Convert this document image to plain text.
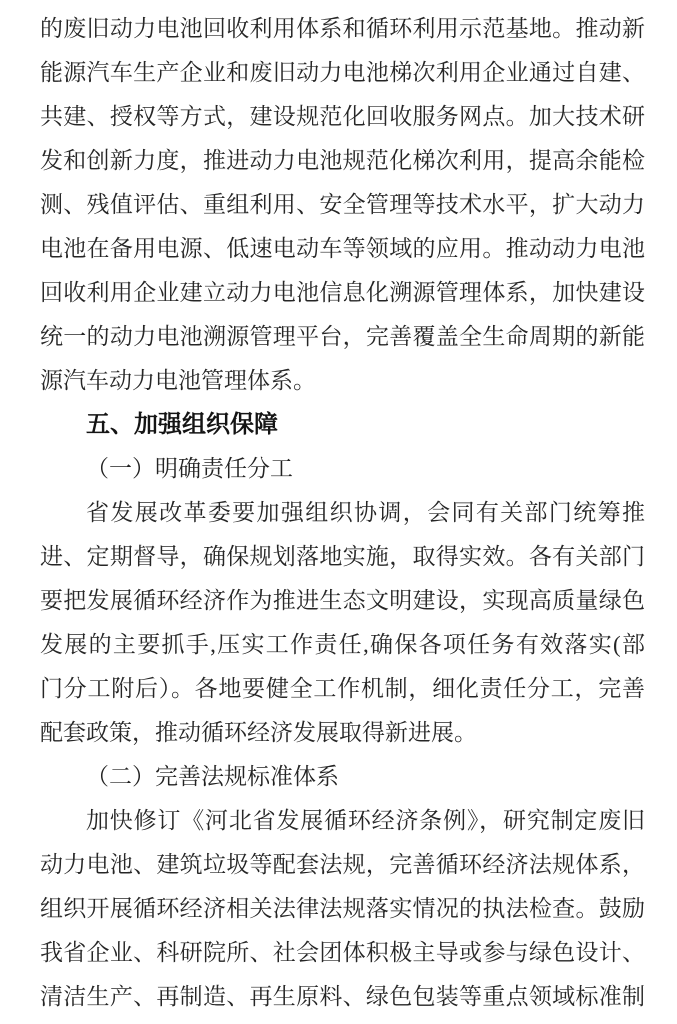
的废旧动力电池回收利用体系和循环利用示范基地。推动新
能源汽车生产企业和废旧动力电池梯次利用企业通过自建、
共建、授权等方式，建设规范化回收服务网点。加大技术研
发和创新力度，推进动力电池规范化梯次利用，提高余能检
测、残值评估、重组利用、安全管理等技术水平，扩大动力
电池在备用电源、低速电动车等领域的应用。推动动力电池
回收利用企业建立动力电池信息化溯源管理体系，加快建设
统一的动力电池溯源管理平台，完善覆盖全生命周期的新能
源汽车动力电池管理体系。
五、加强组织保障
（一）明确责任分工
省发展改革委要加强组织协调，会同有关部门统筹推
进、定期督导，确保规划落地实施，取得实效。各有关部门
要把发展循环经济作为推进生态文明建设，实现高质量绿色
发展的主要抓手,压实工作责任,确保各项任务有效落实(部
门分工附后）。各地要健全工作机制，细化责任分工，完善
配套政策，推动循环经济发展取得新进展。
（二）完善法规标准体系
加快修订《河北省发展循环经济条例》，研究制定废旧
动力电池、建筑垃圾等配套法规，完善循环经济法规体系，
组织开展循环经济相关法律法规落实情况的执法检查。鼓励
我省企业、科研院所、社会团体积极主导或参与绿色设计、
清洁生产、再制造、再生原料、绿色包装等重点领域标准制
